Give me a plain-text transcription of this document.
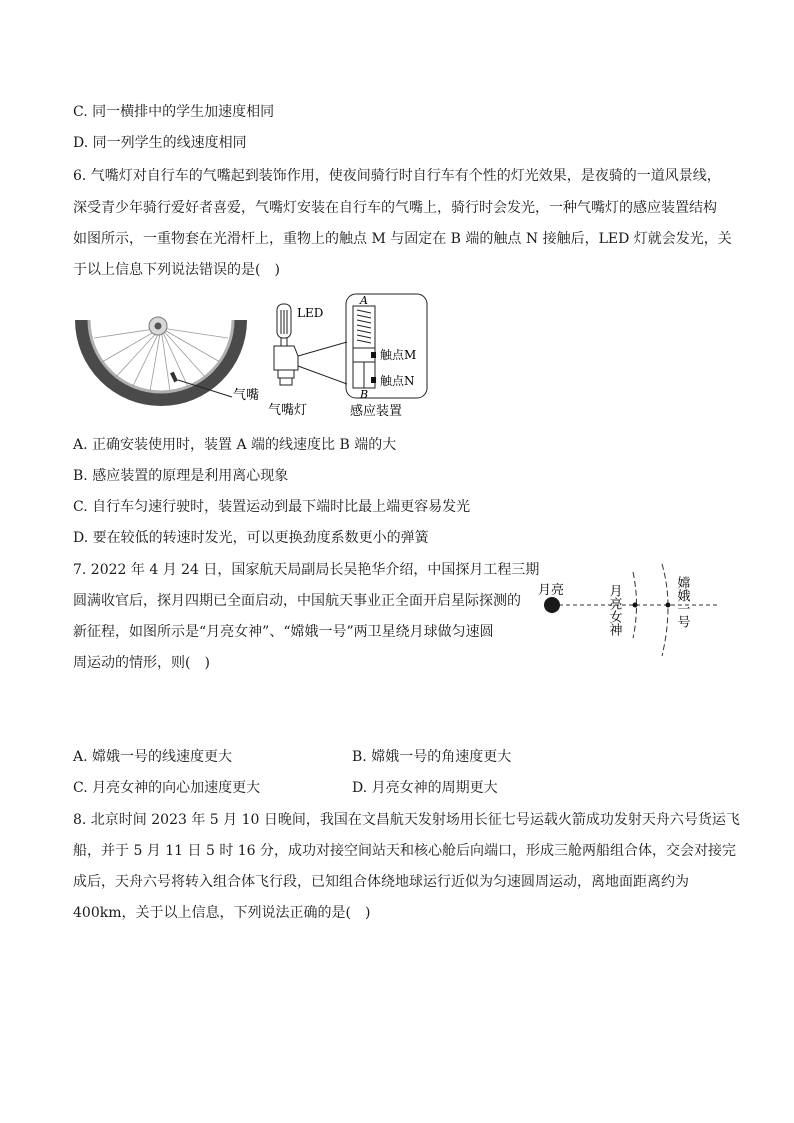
C. 同一横排中的学生加速度相同
D. 同一列学生的线速度相同
6. 气嘴灯对自行车的气嘴起到装饰作用，使夜间骑行时自行车有个性的灯光效果，是夜骑的一道风景线，
深受青少年骑行爱好者喜爱，气嘴灯安装在自行车的气嘴上，骑行时会发光，一种气嘴灯的感应装置结构
如图所示，一重物套在光滑杆上，重物上的触点 M 与固定在 B 端的触点 N 接触后，LED 灯就会发光，关
于以上信息下列说法错误的是(　)
气嘴
LED
气嘴灯
A
B
触点M
触点N
感应装置
A. 正确安装使用时，装置 A 端的线速度比 B 端的大
B. 感应装置的原理是利用离心现象
C. 自行车匀速行驶时，装置运动到最下端时比最上端更容易发光
D. 要在较低的转速时发光，可以更换劲度系数更小的弹簧
7. 2022 年 4 月 24 日，国家航天局副局长吴艳华介绍，中国探月工程三期
圆满收官后，探月四期已全面启动，中国航天事业正全面开启星际探测的
新征程，如图所示是“月亮女神”、“嫦娥一号”两卫星绕月球做匀速圆
周运动的情形，则(　)
月亮	月亮女神	嫦娥一号
A. 嫦娥一号的线速度更大	B. 嫦娥一号的角速度更大
C. 月亮女神的向心加速度更大	D. 月亮女神的周期更大
8. 北京时间 2023 年 5 月 10 日晚间，我国在文昌航天发射场用长征七号运载火箭成功发射天舟六号货运飞
船，并于 5 月 11 日 5 时 16 分，成功对接空间站天和核心舱后向端口，形成三舱两船组合体，交会对接完
成后，天舟六号将转入组合体飞行段，已知组合体绕地球运行近似为匀速圆周运动，离地面距离约为
400km，关于以上信息，下列说法正确的是(　)
